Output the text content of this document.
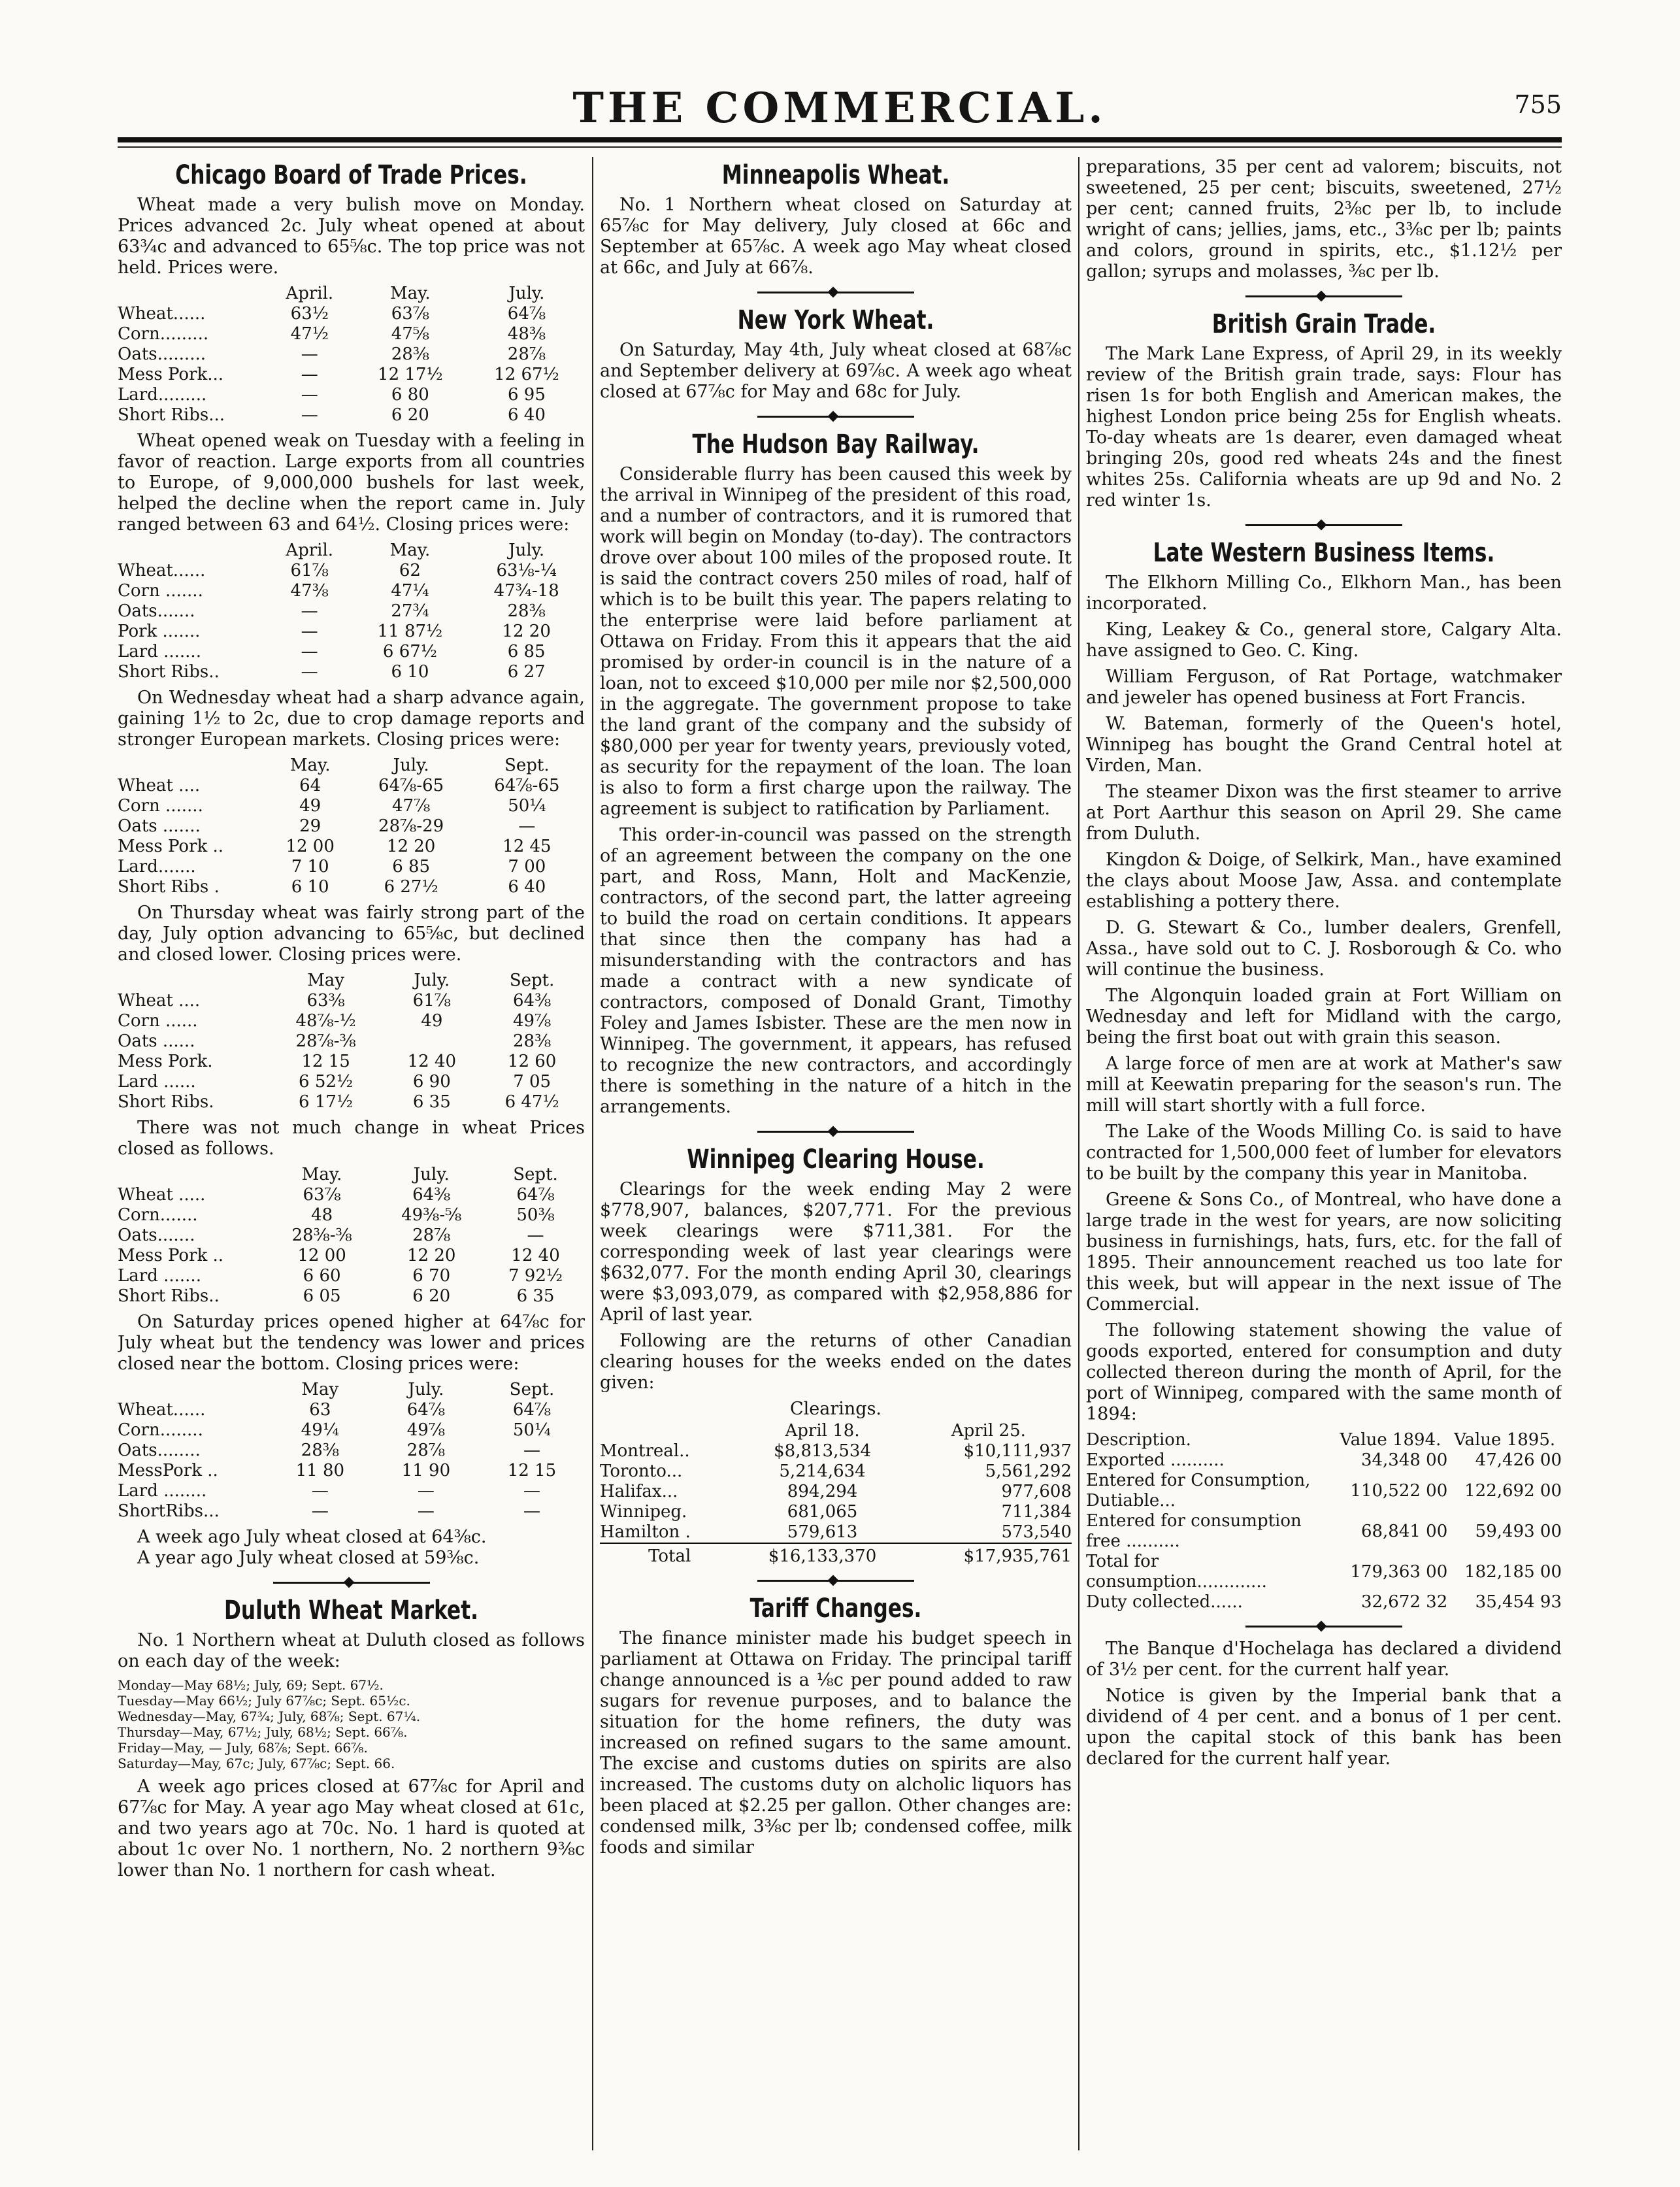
THE COMMERCIAL.	755
Chicago Board of Trade Prices.

Wheat made a very bulish move on Monday. Prices advanced 2c. July wheat opened at about 63¾c and advanced to 65⅝c. The top price was not held. Prices were.

	April.	May.	July.
Wheat......	63½	63⅞	64⅞
Corn.........	47½	47⅝	48⅜
Oats.........	—	28⅜	28⅞
Mess Pork...	—	12 17½	12 67½
Lard.........	—	6 80	6 95
Short Ribs...	—	6 20	6 40

Wheat opened weak on Tuesday with a feeling in favor of reaction. Large exports from all countries to Europe, of 9,000,000 bushels for last week, helped the decline when the report came in. July ranged between 63 and 64½. Closing prices were:

	April.	May.	July.
Wheat......	61⅞	62	63⅛-¼
Corn .......	47⅜	47¼	47¾-18
Oats.......	—	27¾	28⅜
Pork .......	—	11 87½	12 20
Lard .......	—	6 67½	6 85
Short Ribs..	—	6 10	6 27

On Wednesday wheat had a sharp advance again, gaining 1½ to 2c, due to crop damage reports and stronger European markets. Closing prices were:

	May.	July.	Sept.
Wheat ....	64	64⅞-65	64⅞-65
Corn .......	49	47⅞	50¼
Oats .......	29	28⅞-29	—
Mess Pork ..	12 00	12 20	12 45
Lard.......	7 10	6 85	7 00
Short Ribs .	6 10	6 27½	6 40

On Thursday wheat was fairly strong part of the day, July option advancing to 65⅝c, but declined and closed lower. Closing prices were.

	May	July.	Sept.
Wheat ....	63⅜	61⅞	64⅜
Corn ......	48⅞-½	49	49⅞
Oats ......	28⅞-⅜		28⅜
Mess Pork.	12 15	12 40	12 60
Lard ......	6 52½	6 90	7 05
Short Ribs.	6 17½	6 35	6 47½

There was not much change in wheat Prices closed as follows.

	May.	July.	Sept.
Wheat .....	63⅞	64⅜	64⅞
Corn.......	48	49⅜-⅝	50⅜
Oats.......	28⅜-⅜	28⅞	—
Mess Pork ..	12 00	12 20	12 40
Lard .......	6 60	6 70	7 92½
Short Ribs..	6 05	6 20	6 35

On Saturday prices opened higher at 64⅞c for July wheat but the tendency was lower and prices closed near the bottom. Closing prices were:

	May	July.	Sept.
Wheat......	63	64⅞	64⅞
Corn........	49¼	49⅞	50¼
Oats........	28⅜	28⅞	—
MessPork ..	11 80	11 90	12 15
Lard ........	—	—	—
ShortRibs...	—	—	—

A week ago July wheat closed at 64⅜c.

A year ago July wheat closed at 59⅜c.

Duluth Wheat Market.

No. 1 Northern wheat at Duluth closed as follows on each day of the week:

Monday—May 68½; July, 69; Sept. 67½.
Tuesday—May 66½; July 67⅞c; Sept. 65½c.
Wednesday—May, 67¾; July, 68⅞; Sept. 67¼.
Thursday—May, 67½; July, 68½; Sept. 66⅞.
Friday—May, — July, 68⅞; Sept. 66⅞.
Saturday—May, 67c; July, 67⅞c; Sept. 66.

A week ago prices closed at 67⅞c for April and 67⅞c for May. A year ago May wheat closed at 61c, and two years ago at 70c. No. 1 hard is quoted at about 1c over No. 1 northern, No. 2 northern 9⅜c lower than No. 1 northern for cash wheat.

Minneapolis Wheat.

No. 1 Northern wheat closed on Saturday at 65⅞c for May delivery, July closed at 66c and September at 65⅞c. A week ago May wheat closed at 66c, and July at 66⅞.

New York Wheat.

On Saturday, May 4th, July wheat closed at 68⅞c and September delivery at 69⅞c. A week ago wheat closed at 67⅞c for May and 68c for July.

The Hudson Bay Railway.

Considerable flurry has been caused this week by the arrival in Winnipeg of the president of this road, and a number of contractors, and it is rumored that work will begin on Monday (to-day). The contractors drove over about 100 miles of the proposed route. It is said the contract covers 250 miles of road, half of which is to be built this year. The papers relating to the enterprise were laid before parliament at Ottawa on Friday. From this it appears that the aid promised by order-in council is in the nature of a loan, not to exceed $10,000 per mile nor $2,500,000 in the aggregate. The government propose to take the land grant of the company and the subsidy of $80,000 per year for twenty years, previously voted, as security for the repayment of the loan. The loan is also to form a first charge upon the railway. The agreement is subject to ratification by Parliament.

This order-in-council was passed on the strength of an agreement between the company on the one part, and Ross, Mann, Holt and MacKenzie, contractors, of the second part, the latter agreeing to build the road on certain conditions. It appears that since then the company has had a misunderstanding with the contractors and has made a contract with a new syndicate of contractors, composed of Donald Grant, Timothy Foley and James Isbister. These are the men now in Winnipeg. The government, it appears, has refused to recognize the new contractors, and accordingly there is something in the nature of a hitch in the arrangements.

Winnipeg Clearing House.

Clearings for the week ending May 2 were $778,907, balances, $207,771. For the previous week clearings were $711,381. For the corresponding week of last year clearings were $632,077. For the month ending April 30, clearings were $3,093,079, as compared with $2,958,886 for April of last year.

Following are the returns of other Canadian clearing houses for the weeks ended on the dates given:

Clearings.

	April 18.	April 25.
Montreal..	$8,813,534	$10,111,937
Toronto...	5,214,634	5,561,292
Halifax...	894,294	977,608
Winnipeg.	681,065	711,384
Hamilton .	579,613	573,540
Total	$16,133,370	$17,935,761
Tariff Changes.

The finance minister made his budget speech in parliament at Ottawa on Friday. The principal tariff change announced is a ⅛c per pound added to raw sugars for revenue purposes, and to balance the situation for the home refiners, the duty was increased on refined sugars to the same amount. The excise and customs duties on spirits are also increased. The customs duty on alcholic liquors has been placed at $2.25 per gallon. Other changes are: condensed milk, 3⅜c per lb; condensed coffee, milk foods and similar

preparations, 35 per cent ad valorem; biscuits, not sweetened, 25 per cent; biscuits, sweetened, 27½ per cent; canned fruits, 2⅜c per lb, to include wright of cans; jellies, jams, etc., 3⅜c per lb; paints and colors, ground in spirits, etc., $1.12½ per gallon; syrups and molasses, ⅜c per lb.

British Grain Trade.

The Mark Lane Express, of April 29, in its weekly review of the British grain trade, says: Flour has risen 1s for both English and American makes, the highest London price being 25s for English wheats. To-day wheats are 1s dearer, even damaged wheat bringing 20s, good red wheats 24s and the finest whites 25s. California wheats are up 9d and No. 2 red winter 1s.

Late Western Business Items.

The Elkhorn Milling Co., Elkhorn Man., has been incorporated.

King, Leakey & Co., general store, Calgary Alta. have assigned to Geo. C. King.

William Ferguson, of Rat Portage, watchmaker and jeweler has opened business at Fort Francis.

W. Bateman, formerly of the Queen's hotel, Winnipeg has bought the Grand Central hotel at Virden, Man.

The steamer Dixon was the first steamer to arrive at Port Aarthur this season on April 29. She came from Duluth.

Kingdon & Doige, of Selkirk, Man., have examined the clays about Moose Jaw, Assa. and contemplate establishing a pottery there.

D. G. Stewart & Co., lumber dealers, Grenfell, Assa., have sold out to C. J. Rosborough & Co. who will continue the business.

The Algonquin loaded grain at Fort William on Wednesday and left for Midland with the cargo, being the first boat out with grain this season.

A large force of men are at work at Mather's saw mill at Keewatin preparing for the season's run. The mill will start shortly with a full force.

The Lake of the Woods Milling Co. is said to have contracted for 1,500,000 feet of lumber for elevators to be built by the company this year in Manitoba.

Greene & Sons Co., of Montreal, who have done a large trade in the west for years, are now soliciting business in furnishings, hats, furs, etc. for the fall of 1895. Their announcement reached us too late for this week, but will appear in the next issue of The Commercial.

The following statement showing the value of goods exported, entered for consumption and duty collected thereon during the month of April, for the port of Winnipeg, compared with the same month of 1894:

Description.	Value 1894.	Value 1895.
Exported ..........	34,348 00	47,426 00
Entered for Consumption, Dutiable...	110,522 00	122,692 00
Entered for consumption free ..........	68,841 00	59,493 00
Total for consumption.............	179,363 00	182,185 00
Duty collected......	32,672 32	35,454 93

The Banque d'Hochelaga has declared a dividend of 3½ per cent. for the current half year.

Notice is given by the Imperial bank that a dividend of 4 per cent. and a bonus of 1 per cent. upon the capital stock of this bank has been declared for the current half year.
